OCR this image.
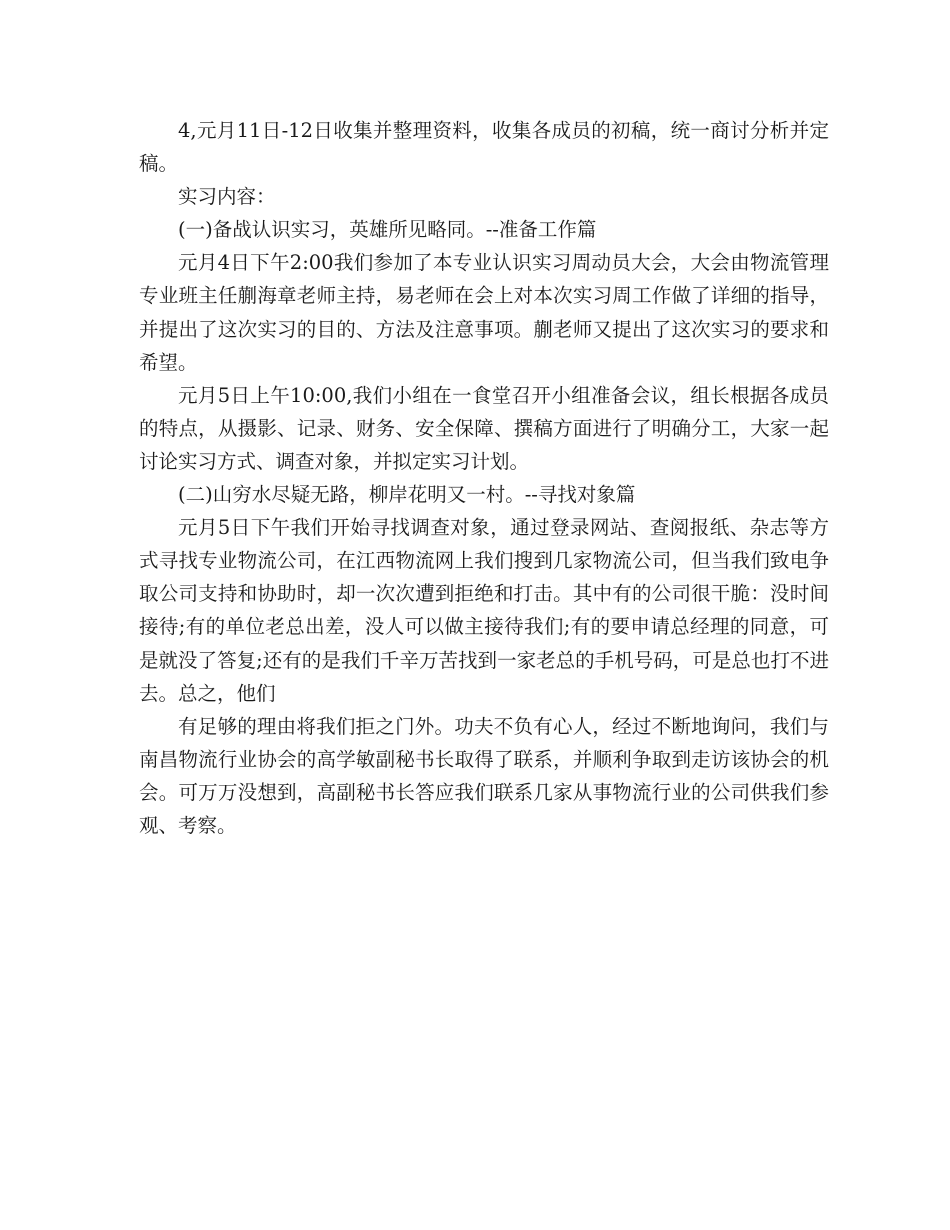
4,元月11日-12日收集并整理资料，收集各成员的初稿，统一商讨分析并定稿。

实习内容：

(一)备战认识实习，英雄所见略同。--准备工作篇

元月4日下午2:00我们参加了本专业认识实习周动员大会，大会由物流管理专业班主任蒯海章老师主持，易老师在会上对本次实习周工作做了详细的指导，并提出了这次实习的目的、方法及注意事项。蒯老师又提出了这次实习的要求和希望。

元月5日上午10:00,我们小组在一食堂召开小组准备会议，组长根据各成员的特点，从摄影、记录、财务、安全保障、撰稿方面进行了明确分工，大家一起讨论实习方式、调查对象，并拟定实习计划。

(二)山穷水尽疑无路，柳岸花明又一村。--寻找对象篇

元月5日下午我们开始寻找调查对象，通过登录网站、查阅报纸、杂志等方式寻找专业物流公司，在江西物流网上我们搜到几家物流公司，但当我们致电争取公司支持和协助时，却一次次遭到拒绝和打击。其中有的公司很干脆：没时间接待;有的单位老总出差，没人可以做主接待我们;有的要申请总经理的同意，可是就没了答复;还有的是我们千辛万苦找到一家老总的手机号码，可是总也打不进去。总之，他们

有足够的理由将我们拒之门外。功夫不负有心人，经过不断地询问，我们与南昌物流行业协会的高学敏副秘书长取得了联系，并顺利争取到走访该协会的机会。可万万没想到，高副秘书长答应我们联系几家从事物流行业的公司供我们参观、考察。
